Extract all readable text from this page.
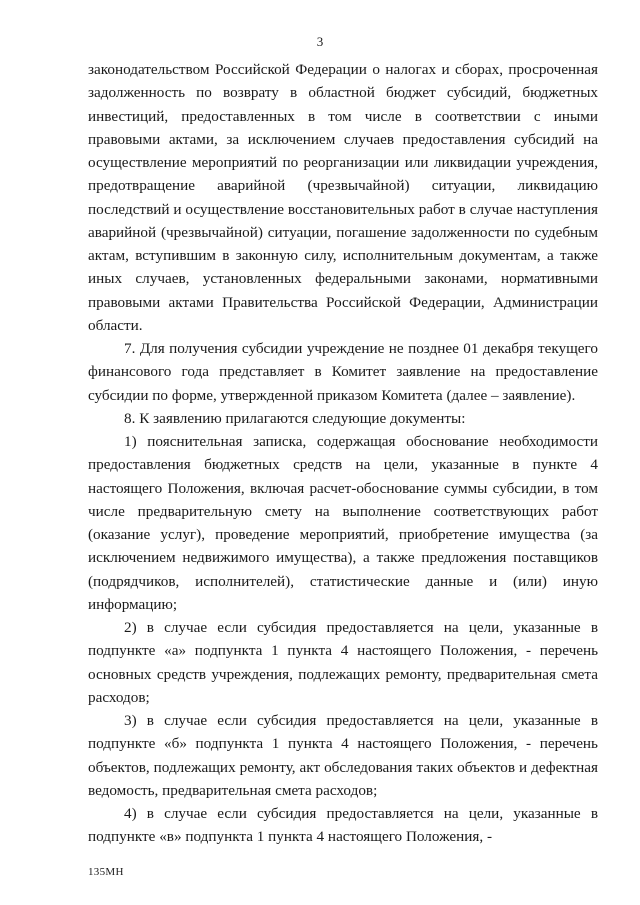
3

законодательством Российской Федерации о налогах и сборах, просроченная задолженность по возврату в областной бюджет субсидий, бюджетных инвестиций, предоставленных в том числе в соответствии с иными правовыми актами, за исключением случаев предоставления субсидий на осуществление мероприятий по реорганизации или ликвидации учреждения, предотвращение аварийной (чрезвычайной) ситуации, ликвидацию последствий и осуществление восстановительных работ в случае наступления аварийной (чрезвычайной) ситуации, погашение задолженности по судебным актам, вступившим в законную силу, исполнительным документам, а также иных случаев, установленных федеральными законами, нормативными правовыми актами Правительства Российской Федерации, Администрации области.

7. Для получения субсидии учреждение не позднее 01 декабря текущего финансового года представляет в Комитет заявление на предоставление субсидии по форме, утвержденной приказом Комитета (далее – заявление).

8. К заявлению прилагаются следующие документы:

1) пояснительная записка, содержащая обоснование необходимости предоставления бюджетных средств на цели, указанные в пункте 4 настоящего Положения, включая расчет-обоснование суммы субсидии, в том числе предварительную смету на выполнение соответствующих работ (оказание услуг), проведение мероприятий, приобретение имущества (за исключением недвижимого имущества), а также предложения поставщиков (подрядчиков, исполнителей), статистические данные и (или) иную информацию;

2) в случае если субсидия предоставляется на цели, указанные в подпункте «а» подпункта 1 пункта 4 настоящего Положения, - перечень основных средств учреждения, подлежащих ремонту, предварительная смета расходов;

3) в случае если субсидия предоставляется на цели, указанные в подпункте «б» подпункта 1 пункта 4 настоящего Положения, - перечень объектов, подлежащих ремонту, акт обследования таких объектов и дефектная ведомость, предварительная смета расходов;

4) в случае если субсидия предоставляется на цели, указанные в подпункте «в» подпункта 1 пункта 4 настоящего Положения, -

135МН
